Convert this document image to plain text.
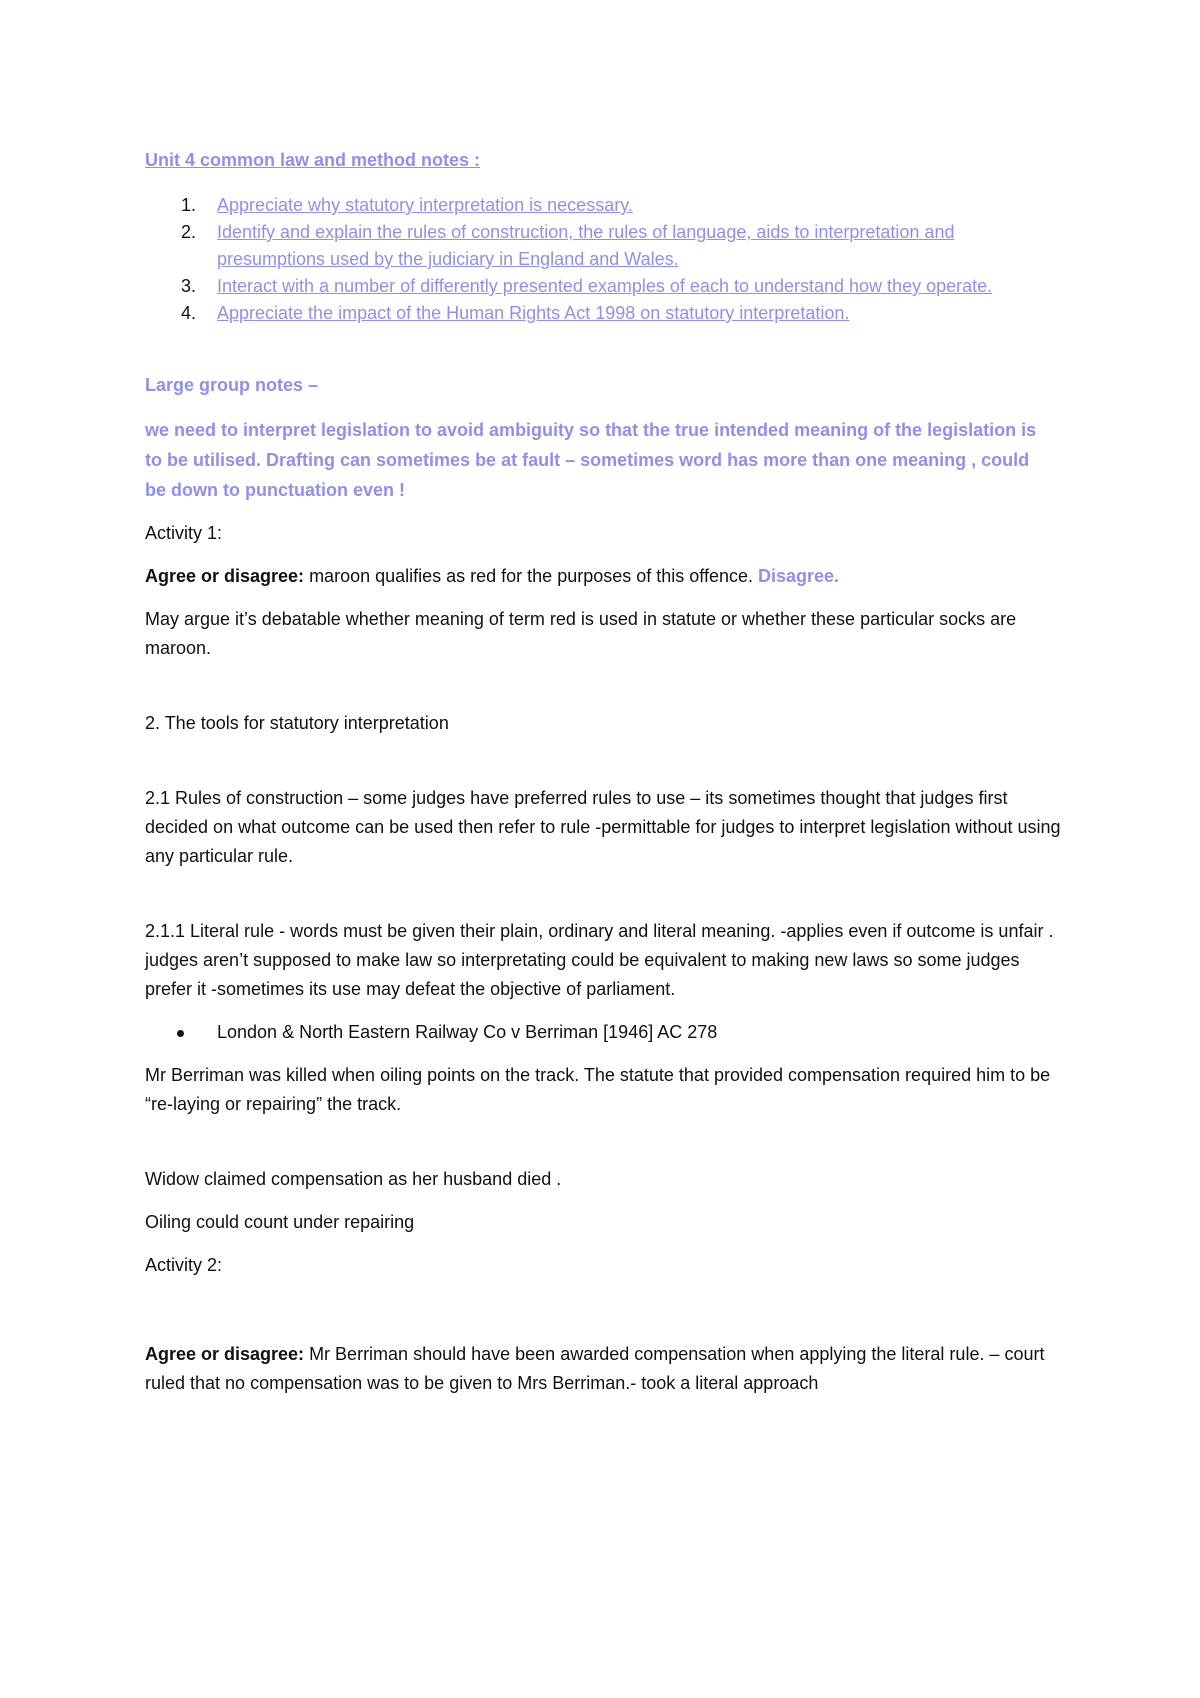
Unit 4 common law and method notes :
1. Appreciate why statutory interpretation is necessary.
2. Identify and explain the rules of construction, the rules of language, aids to interpretation and presumptions used by the judiciary in England and Wales.
3. Interact with a number of differently presented examples of each to understand how they operate.
4. Appreciate the impact of the Human Rights Act 1998 on statutory interpretation.
Large group notes –
we need to interpret legislation to avoid ambiguity so that the true intended meaning of the legislation is to be utilised. Drafting can sometimes be at fault – sometimes word has more than one meaning , could be down to punctuation even !

Activity 1:

Agree or disagree: maroon qualifies as red for the purposes of this offence. Disagree.

May argue it’s debatable whether meaning of term red is used in statute or whether these particular socks are maroon.

2. The tools for statutory interpretation

2.1 Rules of construction – some judges have preferred rules to use – its sometimes thought that judges first decided on what outcome can be used then refer to rule -permittable for judges to interpret legislation without using any particular rule.

2.1.1 Literal rule - words must be given their plain, ordinary and literal meaning. -applies even if outcome is unfair . judges aren’t supposed to make law so interpretating could be equivalent to making new laws so some judges prefer it -sometimes its use may defeat the objective of parliament.

London & North Eastern Railway Co v Berriman [1946] AC 278

Mr Berriman was killed when oiling points on the track. The statute that provided compensation required him to be “re-laying or repairing” the track.

Widow claimed compensation as her husband died .

Oiling could count under repairing

Activity 2:

Agree or disagree: Mr Berriman should have been awarded compensation when applying the literal rule. – court ruled that no compensation was to be given to Mrs Berriman.- took a literal approach
